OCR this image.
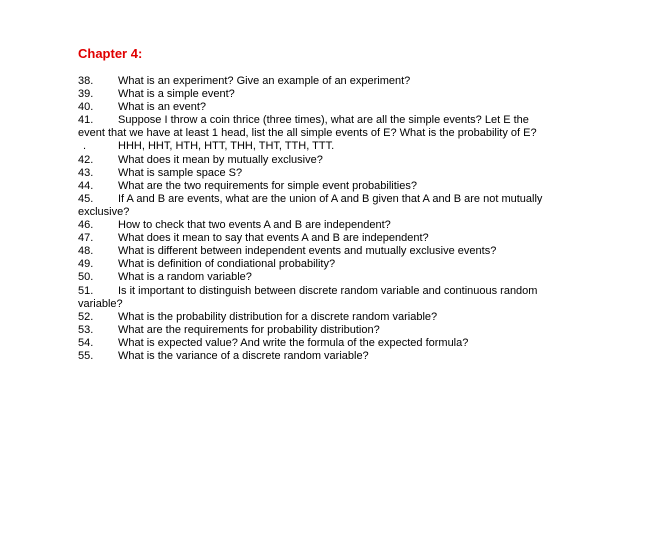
Chapter 4:
38. What is an experiment? Give an example of an experiment?
39. What is a simple event?
40. What is an event?
41. Suppose I throw a coin thrice (three times), what are all the simple events? Let E the
event that we have at least 1 head, list the all simple events of E? What is the probability of E?
.	HHH, HHT, HTH, HTT, THH, THT, TTH, TTT.
42. What does it mean by mutually exclusive?
43. What is sample space S?
44. What are the two requirements for simple event probabilities?
45. If A and B are events, what are the union of A and B given that A and B are not mutually
exclusive?
46. How to check that two events A and B are independent?
47. What does it mean to say that events A and B are independent?
48. What is different between independent events and mutually exclusive events?
49. What is definition of condiational probability?
50. What is a random variable?
51. Is it important to distinguish between discrete random variable and continuous random
variable?
52. What is the probability distribution for a discrete random variable?
53. What are the requirements for probability distribution?
54. What is expected value? And write the formula of the expected formula?
55. What is the variance of a discrete random variable?
